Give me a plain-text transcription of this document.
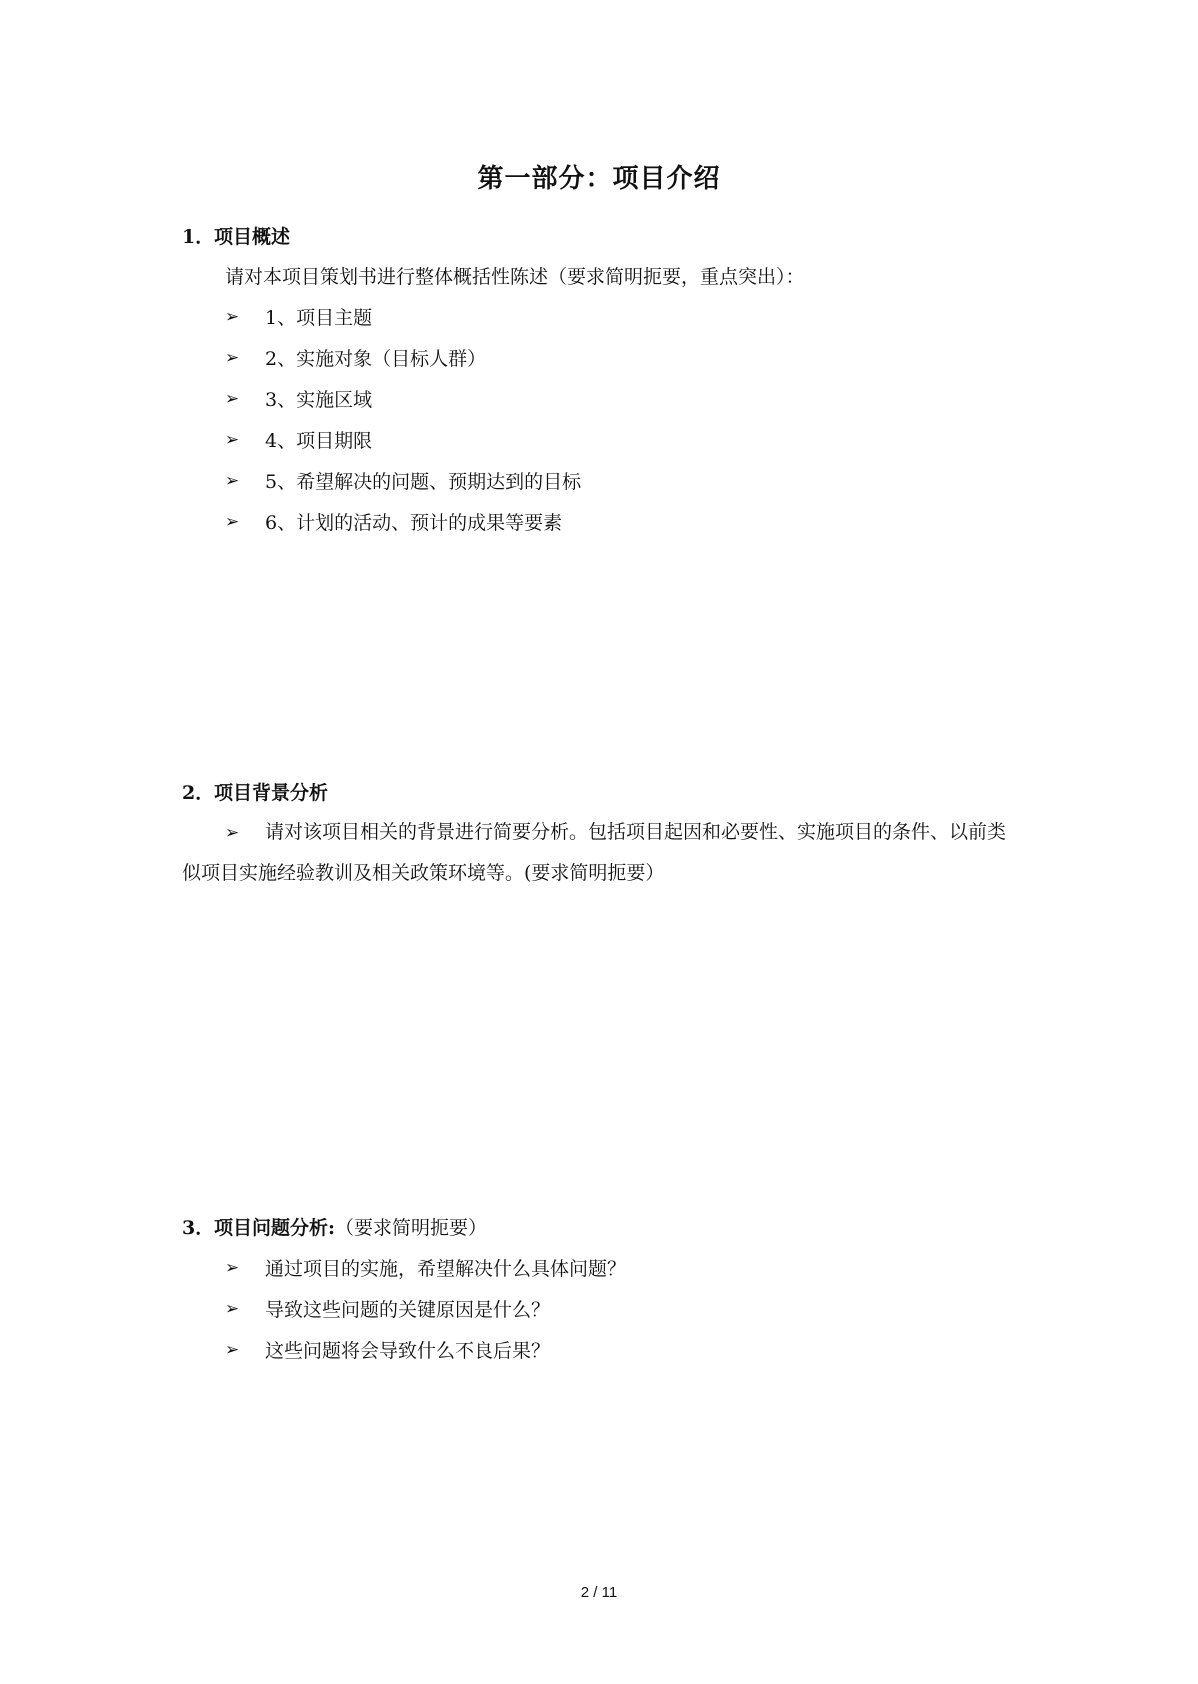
第一部分：项目介绍
1．项目概述
请对本项目策划书进行整体概括性陈述（要求简明扼要，重点突出）：
➢	1、项目主题
➢	2、实施对象（目标人群）
➢	3、实施区域
➢	4、项目期限
➢	5、希望解决的问题、预期达到的目标
➢	6、计划的活动、预计的成果等要素
2．项目背景分析
➢ 请对该项目相关的背景进行简要分析。包括项目起因和必要性、实施项目的条件、以前类似项目实施经验教训及相关政策环境等。(要求简明扼要）
3．项目问题分析:（要求简明扼要）
➢	通过项目的实施，希望解决什么具体问题？
➢	导致这些问题的关键原因是什么？
➢	这些问题将会导致什么不良后果？
2 / 11
